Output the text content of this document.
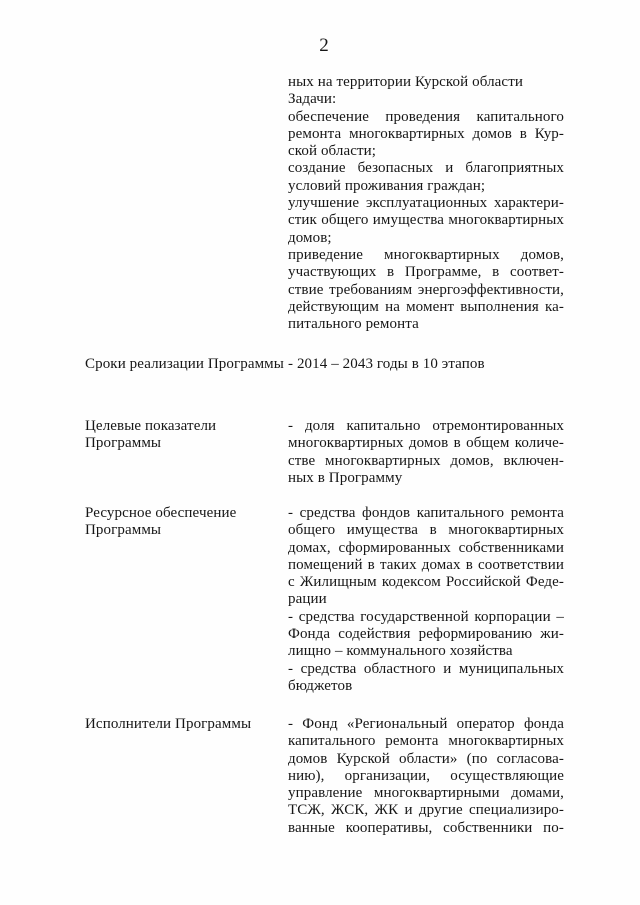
2
ных на территории Курской области
Задачи:
обеспечение проведения капитального
ремонта многоквартирных домов в Кур-
ской области;
создание безопасных и благоприятных
условий проживания граждан;
улучшение эксплуатационных характери-
стик общего имущества многоквартирных
домов;
приведение многоквартирных домов,
участвующих в Программе, в соответ-
ствие требованиям энергоэффективности,
действующим на момент выполнения ка-
питального ремонта
Сроки реализации Программы - 2014 – 2043 годы в 10 этапов
Целевые показатели
Программы
- доля капитально отремонтированных
многоквартирных домов в общем количе-
стве многоквартирных домов, включен-
ных в Программу
Ресурсное обеспечение
Программы
- средства фондов капитального ремонта
общего имущества в многоквартирных
домах, сформированных собственниками
помещений в таких домах в соответствии
с Жилищным кодексом Российской Феде-
рации
- средства государственной корпорации –
Фонда содействия реформированию жи-
лищно – коммунального хозяйства
- средства областного и муниципальных
бюджетов
Исполнители Программы	- Фонд «Региональный оператор фонда
капитального ремонта многоквартирных
домов Курской области» (по согласова-
нию), организации, осуществляющие
управление многоквартирными домами,
ТСЖ, ЖСК, ЖК и другие специализиро-
ванные кооперативы, собственники по-
